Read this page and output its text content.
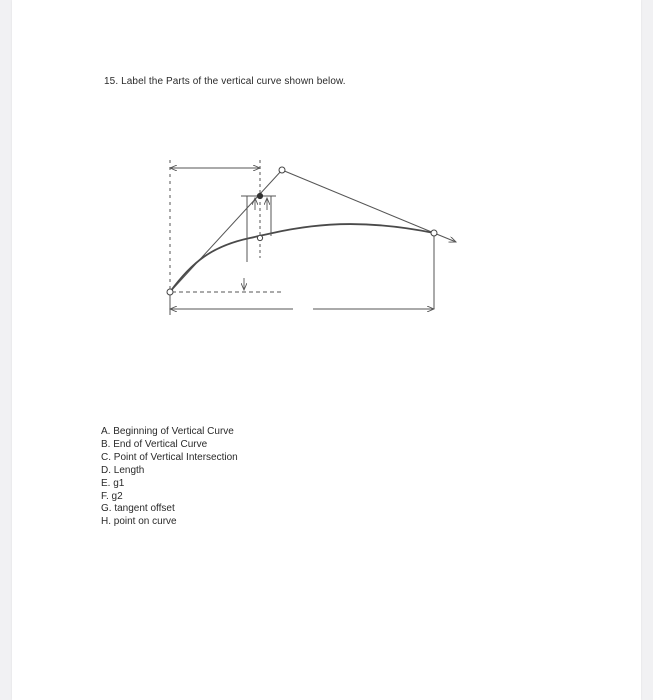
15. Label the Parts of the vertical curve shown below.
A. Beginning of Vertical Curve
B. End of Vertical Curve
C. Point of Vertical Intersection
D. Length
E. g1
F. g2
G. tangent offset
H. point on curve
